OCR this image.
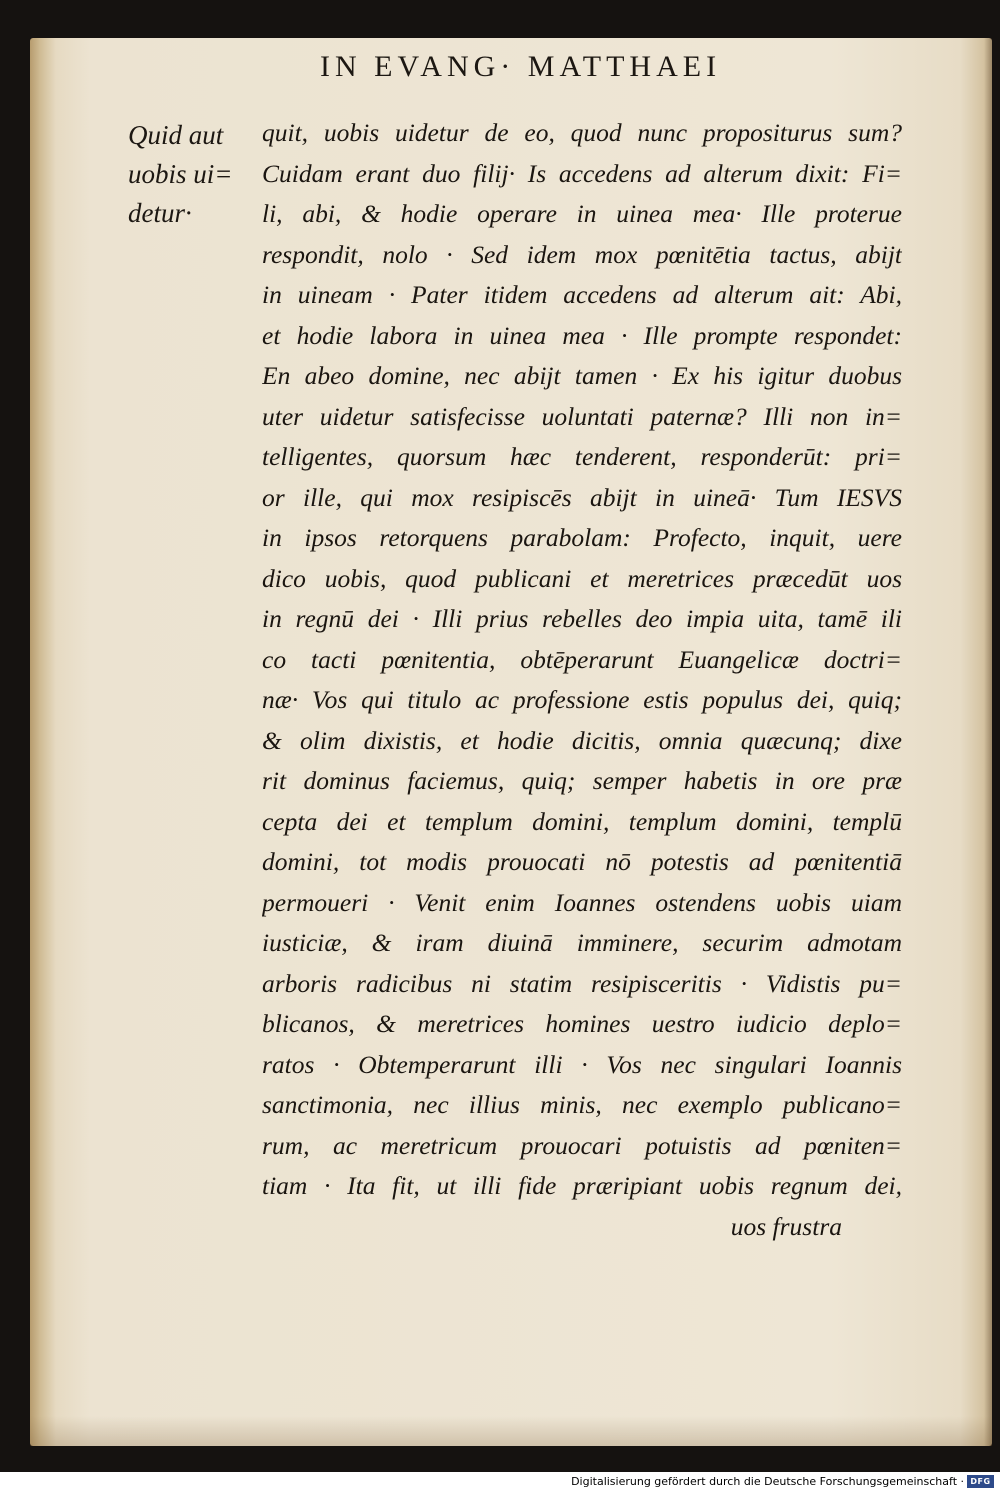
IN EVANG· MATTHAEI
Quid aut
uobis ui=
detur·
quit, uobis uidetur de eo, quod nunc propositurus sum?
Cuidam erant duo filij· Is accedens ad alterum dixit: Fi=
li, abi, & hodie operare in uinea mea· Ille proterue
respondit, nolo · Sed idem mox pœnitētia tactus, abijt
in uineam · Pater itidem accedens ad alterum ait: Abi,
et hodie labora in uinea mea · Ille prompte respondet:
En abeo domine, nec abijt tamen · Ex his igitur duobus
uter uidetur satisfecisse uoluntati paternæ? Illi non in=
telligentes, quorsum hæc tenderent, responderūt: pri=
or ille, qui mox resipiscēs abijt in uineā· Tum IESVS
in ipsos retorquens parabolam: Profecto, inquit, uere
dico uobis, quod publicani et meretrices præcedūt uos
in regnū dei · Illi prius rebelles deo impia uita, tamē ili
co tacti pœnitentia, obtēperarunt Euangelicæ doctri=
næ· Vos qui titulo ac professione estis populus dei, quiq;
& olim dixistis, et hodie dicitis, omnia quæcunq; dixe
rit dominus faciemus, quiq; semper habetis in ore præ
cepta dei et templum domini, templum domini, templū
domini, tot modis prouocati nō potestis ad pœnitentiā
permoueri · Venit enim Ioannes ostendens uobis uiam
iusticiæ, & iram diuinā imminere, securim admotam
arboris radicibus ni statim resipisceritis · Vidistis pu=
blicanos, & meretrices homines uestro iudicio deplo=
ratos · Obtemperarunt illi · Vos nec singulari Ioannis
sanctimonia, nec illius minis, nec exemplo publicano=
rum, ac meretricum prouocari potuistis ad pœniten=
tiam · Ita fit, ut illi fide præripiant uobis regnum dei,
uos frustra
Digitalisierung gefördert durch die Deutsche Forschungsgemeinschaft · DFG
